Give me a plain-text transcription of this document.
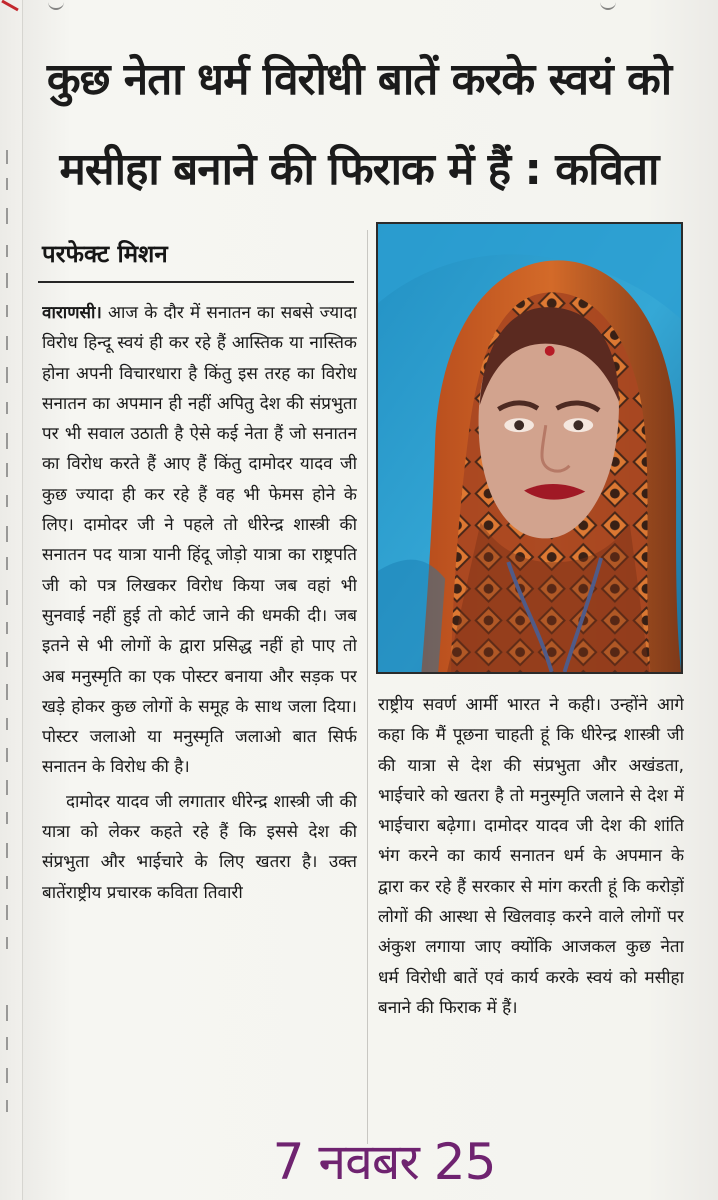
कुछ नेता धर्म विरोधी बातें करके स्वयं को
मसीहा बनाने की फिराक में हैं : कविता
परफेक्ट मिशन

वाराणसी। आज के दौर में सनातन का सबसे ज्यादा विरोध हिन्दू स्वयं ही कर रहे हैं आस्तिक या नास्तिक होना अपनी विचारधारा है किंतु इस तरह का विरोध सनातन का अपमान ही नहीं अपितु देश की संप्रभुता पर भी सवाल उठाती है ऐसे कई नेता हैं जो सनातन का विरोध करते हैं आए हैं किंतु दामोदर यादव जी कुछ ज्यादा ही कर रहे हैं वह भी फेमस होने के लिए। दामोदर जी ने पहले तो धीरेन्द्र शास्त्री की सनातन पद यात्रा यानी हिंदू जोड़ो यात्रा का राष्ट्रपति जी को पत्र लिखकर विरोध किया जब वहां भी सुनवाई नहीं हुई तो कोर्ट जाने की धमकी दी। जब इतने से भी लोगों के द्वारा प्रसिद्ध नहीं हो पाए तो अब मनुस्मृति का एक पोस्टर बनाया और सड़क पर खड़े होकर कुछ लोगों के समूह के साथ जला दिया। पोस्टर जलाओ या मनुस्मृति जलाओ बात सिर्फ सनातन के विरोध की है।

दामोदर यादव जी लगातार धीरेन्द्र शास्त्री जी की यात्रा को लेकर कहते रहे हैं कि इससे देश की संप्रभुता और भाईचारे के लिए खतरा है। उक्त बातेंराष्ट्रीय प्रचारक कविता तिवारी

राष्ट्रीय सवर्ण आर्मी भारत ने कही। उन्होंने आगे कहा कि मैं पूछना चाहती हूं कि धीरेन्द्र शास्त्री जी की यात्रा से देश की संप्रभुता और अखंडता, भाईचारे को खतरा है तो मनुस्मृति जलाने से देश में भाईचारा बढ़ेगा। दामोदर यादव जी देश की शांति भंग करने का कार्य सनातन धर्म के अपमान के द्वारा कर रहे हैं सरकार से मांग करती हूं कि करोड़ों लोगों की आस्था से खिलवाड़ करने वाले लोगों पर अंकुश लगाया जाए क्योंकि आजकल कुछ नेता धर्म विरोधी बातें एवं कार्य करके स्वयं को मसीहा बनाने की फिराक में हैं।

7 नवबर 25
